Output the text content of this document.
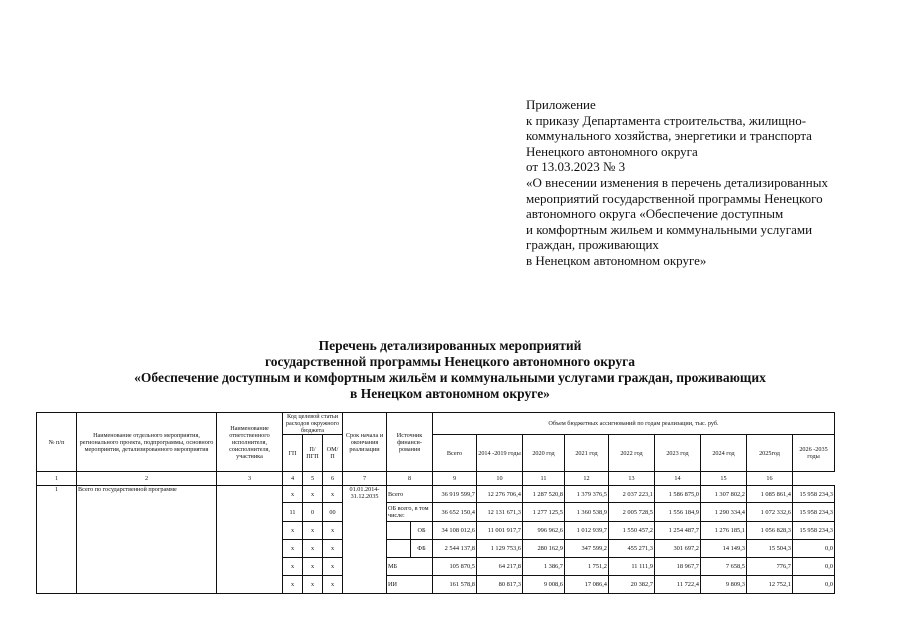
Приложение
к приказу Департамента строительства, жилищно-
коммунального хозяйства, энергетики и транспорта
Ненецкого автономного округа
от 13.03.2023 № 3
«О внесении изменения в перечень детализированных
мероприятий государственной программы Ненецкого
автономного округа «Обеспечение доступным
и комфортным жильем и коммунальными услугами
граждан, проживающих
в Ненецком автономном округе»
Перечень детализированных мероприятий
государственной программы Ненецкого автономного округа
«Обеспечение доступным и комфортным жильём и коммунальными услугами граждан, проживающих
в Ненецком автономном округе»
№ п/п	Наименование отдельного мероприятия, регионального проекта, подпрограммы, основного мероприятия, детализированного мероприятия	Наименование ответственного исполнителя, соисполнителя, участника	Код целевой статьи расходов окружного бюджета			Срок начала и окончания реализации	Источник финанси- рования		Объем бюджетных ассигнований по годам реализации, тыс. руб.								
			ГП	П/ ПГП	ОМ/ П				Всего	2014 -2019 годы	2020 год	2021 год	2022 год	2023 год	2024 год	2025год	2026 -2035 годы
1	2	3	4	5	6	7	8		9	10	11	12	13	14	15	16	
1	Всего по государственной программе		х	х	х	01.01.2014- 31.12.2035	Всего		36 919 599,7	12 276 706,4	1 287 520,8	1 379 376,5	2 037 223,1	1 586 875,0	1 307 802,2	1 085 861,4	15 958 234,3
			11	0	00		ОБ всего, в том числе:		36 652 150,4	12 131 671,3	1 277 125,5	1 360 538,9	2 005 728,5	1 556 184,9	1 290 334,4	1 072 332,6	15 958 234,3
			х	х	х			ОБ	34 108 012,6	11 001 917,7	996 962,6	1 012 939,7	1 550 457,2	1 254 487,7	1 276 185,1	1 056 828,3	15 958 234,3
			х	х	х			ФБ	2 544 137,8	1 129 753,6	280 162,9	347 599,2	455 271,3	301 697,2	14 149,3	15 504,3	0,0
			х	х	х		МБ		105 870,5	64 217,8	1 386,7	1 751,2	11 111,9	18 967,7	7 658,5	776,7	0,0
			х	х	х		ИИ		161 578,8	80 817,3	9 008,6	17 086,4	20 382,7	11 722,4	9 809,3	12 752,1	0,0
